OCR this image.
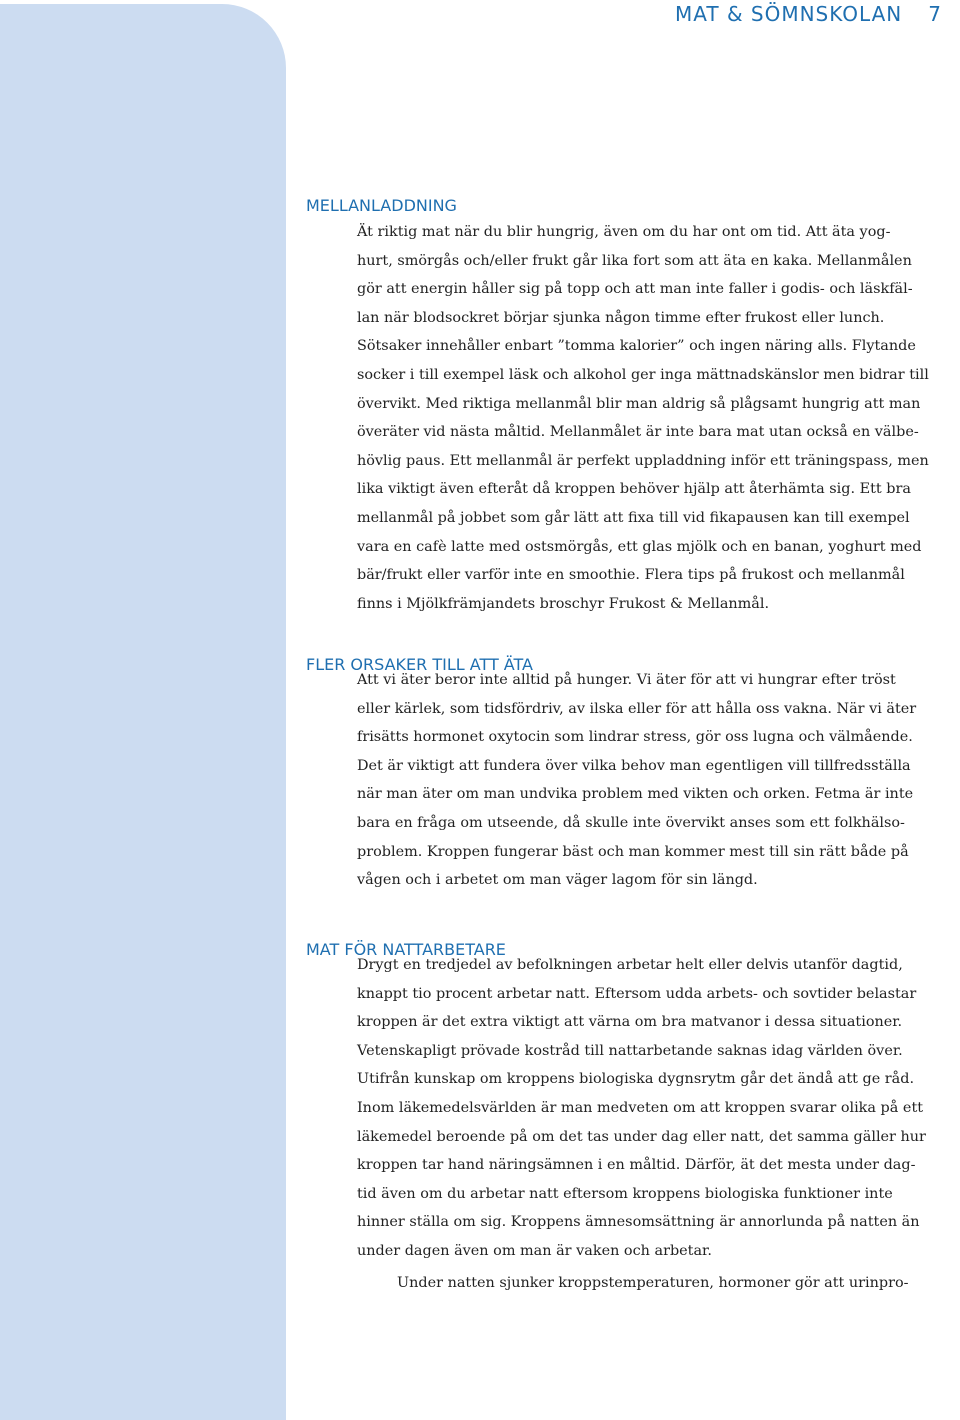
MAT & SÖMNSKOLAN 7
MELLANLADDNING
Ät riktig mat när du blir hungrig, även om du har ont om tid. Att äta yog-
hurt, smörgås och/eller frukt går lika fort som att äta en kaka. Mellanmålen
gör att energin håller sig på topp och att man inte faller i godis- och läskfäl-
lan när blodsockret börjar sjunka någon timme efter frukost eller lunch.
Sötsaker innehåller enbart ”tomma kalorier” och ingen näring alls. Flytande
socker i till exempel läsk och alkohol ger inga mättnadskänslor men bidrar till
övervikt. Med riktiga mellanmål blir man aldrig så plågsamt hungrig att man
överäter vid nästa måltid. Mellanmålet är inte bara mat utan också en välbe-
hövlig paus. Ett mellanmål är perfekt uppladdning inför ett träningspass, men
lika viktigt även efteråt då kroppen behöver hjälp att återhämta sig. Ett bra
mellanmål på jobbet som går lätt att fixa till vid fikapausen kan till exempel
vara en cafè latte med ostsmörgås, ett glas mjölk och en banan, yoghurt med
bär/frukt eller varför inte en smoothie. Flera tips på frukost och mellanmål
finns i Mjölkfrämjandets broschyr Frukost & Mellanmål.
FLER ORSAKER TILL ATT ÄTA
Att vi äter beror inte alltid på hunger. Vi äter för att vi hungrar efter tröst
eller kärlek, som tidsfördriv, av ilska eller för att hålla oss vakna. När vi äter
frisätts hormonet oxytocin som lindrar stress, gör oss lugna och välmående.
Det är viktigt att fundera över vilka behov man egentligen vill tillfredsställa
när man äter om man undvika problem med vikten och orken. Fetma är inte
bara en fråga om utseende, då skulle inte övervikt anses som ett folkhälso-
problem. Kroppen fungerar bäst och man kommer mest till sin rätt både på
vågen och i arbetet om man väger lagom för sin längd.
MAT FÖR NATTARBETARE
Drygt en tredjedel av befolkningen arbetar helt eller delvis utanför dagtid,
knappt tio procent arbetar natt. Eftersom udda arbets- och sovtider belastar
kroppen är det extra viktigt att värna om bra matvanor i dessa situationer.
Vetenskapligt prövade kostråd till nattarbetande saknas idag världen över.
Utifrån kunskap om kroppens biologiska dygnsrytm går det ändå att ge råd.
Inom läkemedelsvärlden är man medveten om att kroppen svarar olika på ett
läkemedel beroende på om det tas under dag eller natt, det samma gäller hur
kroppen tar hand näringsämnen i en måltid. Därför, ät det mesta under dag-
tid även om du arbetar natt eftersom kroppens biologiska funktioner inte
hinner ställa om sig. Kroppens ämnesomsättning är annorlunda på natten än
under dagen även om man är vaken och arbetar.
Under natten sjunker kroppstemperaturen, hormoner gör att urinpro-
